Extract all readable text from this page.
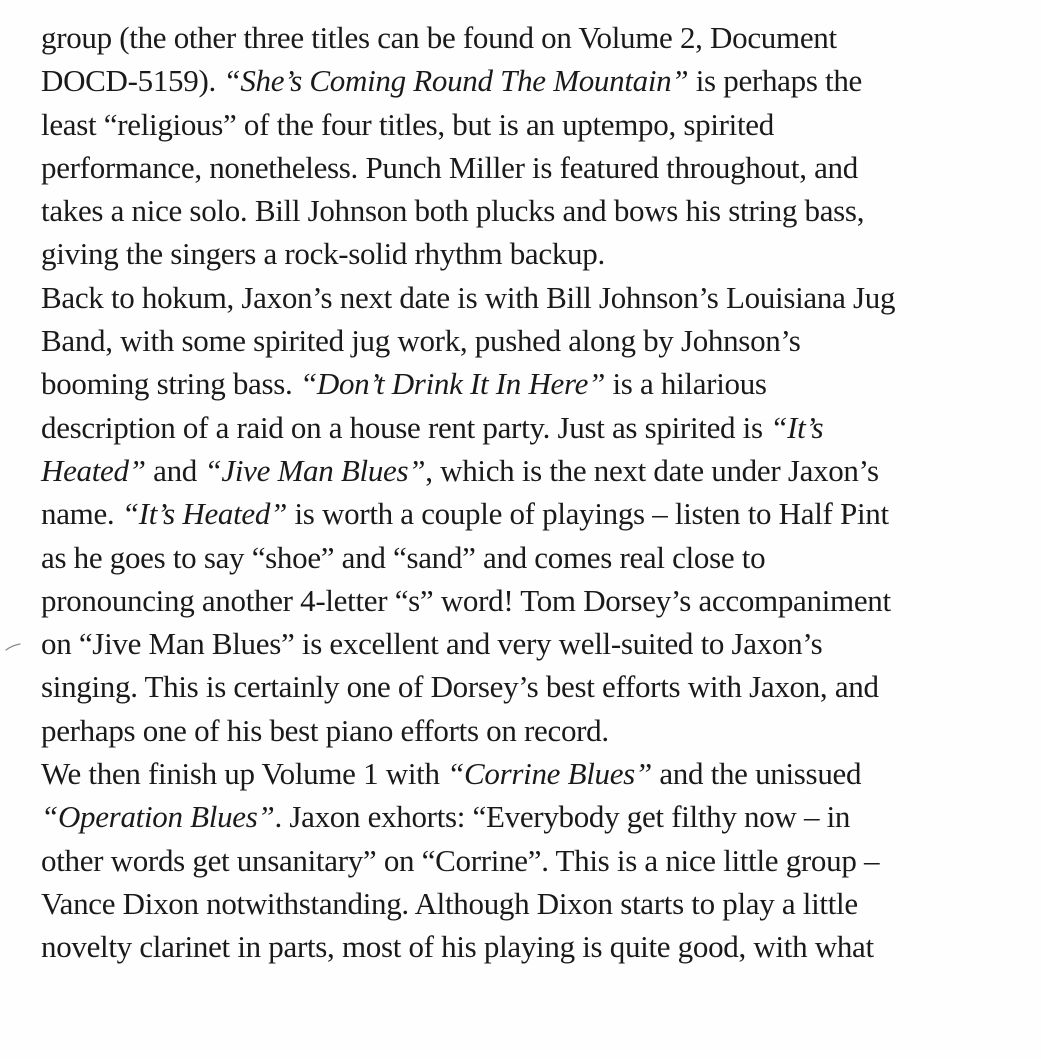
group (the other three titles can be found on Volume 2, Document
DOCD-5159). “She’s Coming Round The Mountain” is perhaps the
least “religious” of the four titles, but is an uptempo, spirited
performance, nonetheless. Punch Miller is featured throughout, and
takes a nice solo. Bill Johnson both plucks and bows his string bass,
giving the singers a rock-solid rhythm backup.
Back to hokum, Jaxon’s next date is with Bill Johnson’s Louisiana Jug
Band, with some spirited jug work, pushed along by Johnson’s
booming string bass. “Don’t Drink It In Here” is a hilarious
description of a raid on a house rent party. Just as spirited is “It’s
Heated” and “Jive Man Blues”, which is the next date under Jaxon’s
name. “It’s Heated” is worth a couple of playings – listen to Half Pint
as he goes to say “shoe” and “sand” and comes real close to
pronouncing another 4-letter “s” word! Tom Dorsey’s accompaniment
on “Jive Man Blues” is excellent and very well-suited to Jaxon’s
singing. This is certainly one of Dorsey’s best efforts with Jaxon, and
perhaps one of his best piano efforts on record.
We then finish up Volume 1 with “Corrine Blues” and the unissued
“Operation Blues”. Jaxon exhorts: “Everybody get filthy now – in
other words get unsanitary” on “Corrine”. This is a nice little group –
Vance Dixon notwithstanding. Although Dixon starts to play a little
novelty clarinet in parts, most of his playing is quite good, with what
